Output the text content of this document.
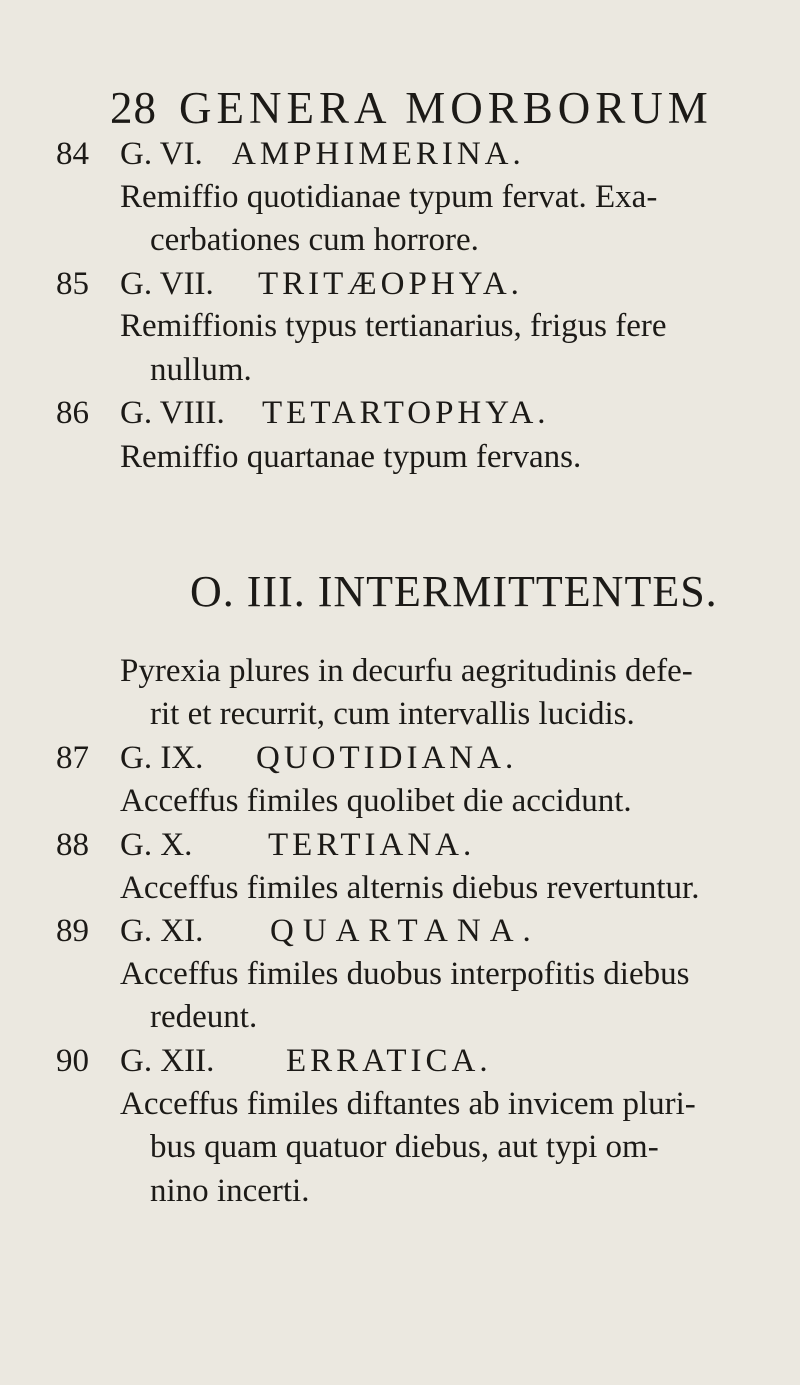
28 GENERA MORBORUM
84 G. VI. AMPHIMERINA.
Remiffio quotidianae typum fervat. Exa-
cerbationes cum horrore.
85 G. VII. TRITÆOPHYA.
Remiffionis typus tertianarius, frigus fere
nullum.
86 G. VIII. TETARTOPHYA.
Remiffio quartanae typum fervans.
O. III. INTERMITTENTES.
Pyrexia plures in decurfu aegritudinis defe-
rit et recurrit, cum intervallis lucidis.
87 G. IX. QUOTIDIANA.
Acceffus fimiles quolibet die accidunt.
88 G. X. TERTIANA.
Acceffus fimiles alternis diebus revertuntur.
89 G. XI. QUARTANA.
Acceffus fimiles duobus interpofitis diebus
redeunt.
90 G. XII. ERRATICA.
Acceffus fimiles diftantes ab invicem pluri-
bus quam quatuor diebus, aut typi om-
nino incerti.
